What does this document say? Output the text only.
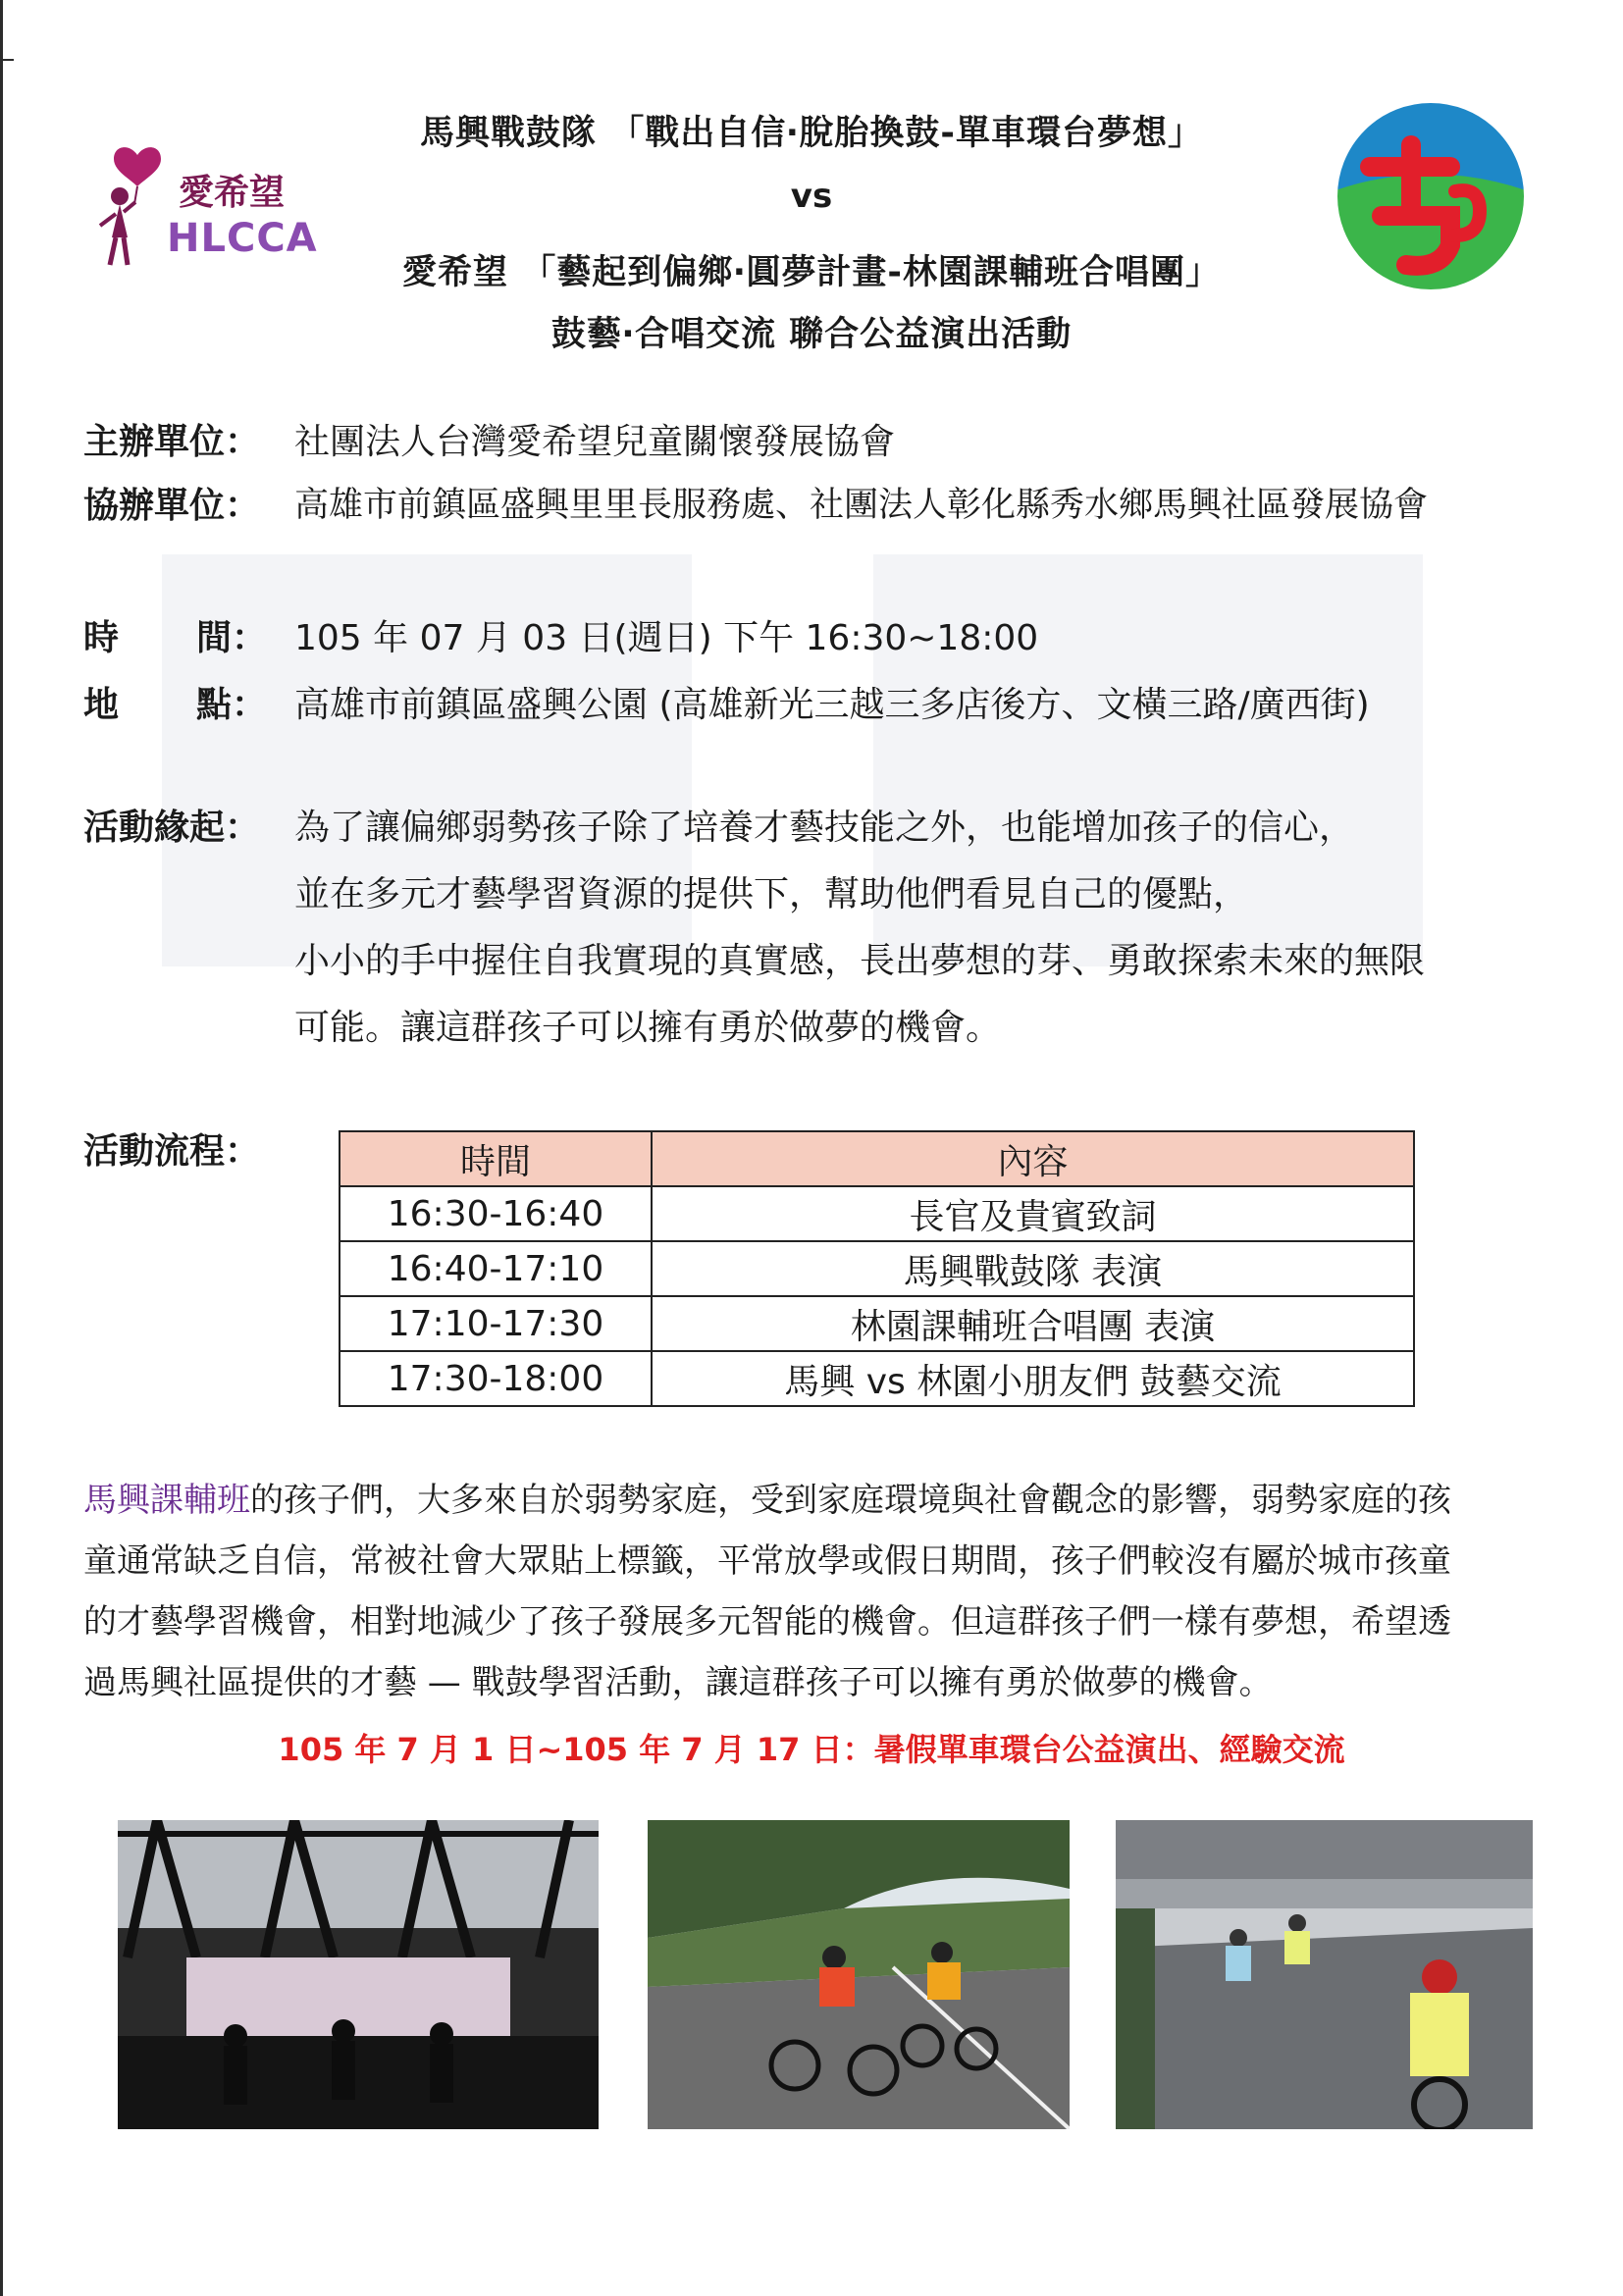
愛希望
HLCCA
馬興戰鼓隊 「戰出自信‧脫胎換鼓-單車環台夢想」
vs
愛希望 「藝起到偏鄉‧圓夢計畫-林園課輔班合唱團」
鼓藝‧合唱交流 聯合公益演出活動
主辦單位： 社團法人台灣愛希望兒童關懷發展協會
協辦單位： 高雄市前鎮區盛興里里長服務處、社團法人彰化縣秀水鄉馬興社區發展協會
時 間： 105 年 07 月 03 日(週日) 下午 16:30~18:00
地 點： 高雄市前鎮區盛興公園 (高雄新光三越三多店後方、文橫三路/廣西街)
活動緣起： 為了讓偏鄉弱勢孩子除了培養才藝技能之外，也能增加孩子的信心，
並在多元才藝學習資源的提供下，幫助他們看見自己的優點，
小小的手中握住自我實現的真實感，長出夢想的芽、勇敢探索未來的無限
可能。讓這群孩子可以擁有勇於做夢的機會。
活動流程：	時間	內容
16:30-16:40	長官及貴賓致詞
16:40-17:10	馬興戰鼓隊 表演
17:10-17:30	林園課輔班合唱團 表演
17:30-18:00	馬興 vs 林園小朋友們 鼓藝交流
馬興課輔班的孩子們，大多來自於弱勢家庭，受到家庭環境與社會觀念的影響，弱勢家庭的孩
童通常缺乏自信，常被社會大眾貼上標籤，平常放學或假日期間，孩子們較沒有屬於城市孩童
的才藝學習機會，相對地減少了孩子發展多元智能的機會。但這群孩子們一樣有夢想，希望透
過馬興社區提供的才藝 — 戰鼓學習活動，讓這群孩子可以擁有勇於做夢的機會。
105 年 7 月 1 日~105 年 7 月 17 日：暑假單車環台公益演出、經驗交流
